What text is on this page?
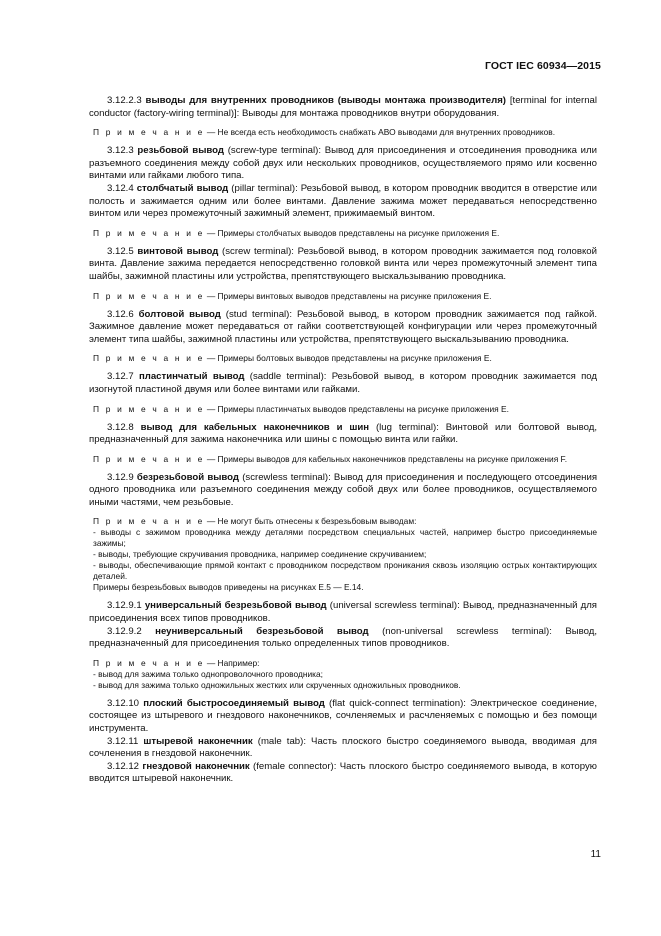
ГОСТ IEC 60934—2015

3.12.2.3 выводы для внутренних проводников (выводы монтажа производителя) [terminal for internal conductor (factory-wiring terminal)]: Выводы для монтажа проводников внутри оборудования.

П р и м е ч а н и е — Не всегда есть необходимость снабжать АВО выводами для внутренних проводников.

3.12.3 резьбовой вывод (screw-type terminal): Вывод для присоединения и отсоединения проводника или разъемного соединения между собой двух или нескольких проводников, осуществляемого прямо или косвенно винтами или гайками любого типа.

3.12.4 столбчатый вывод (pillar terminal): Резьбовой вывод, в котором проводник вводится в отверстие или полость и зажимается одним или более винтами. Давление зажима может передаваться непосредственно винтом или через промежуточный зажимный элемент, прижимаемый винтом.

П р и м е ч а н и е — Примеры столбчатых выводов представлены на рисунке приложения Е.

3.12.5 винтовой вывод (screw terminal): Резьбовой вывод, в котором проводник зажимается под головкой винта. Давление зажима передается непосредственно головкой винта или через промежуточный элемент типа шайбы, зажимной пластины или устройства, препятствующего выскальзыванию проводника.

П р и м е ч а н и е — Примеры винтовых выводов представлены на рисунке приложения Е.

3.12.6 болтовой вывод (stud terminal): Резьбовой вывод, в котором проводник зажимается под гайкой. Зажимное давление может передаваться от гайки соответствующей конфигурации или через промежуточный элемент типа шайбы, зажимной пластины или устройства, препятствующего выскальзыванию проводника.

П р и м е ч а н и е — Примеры болтовых выводов представлены на рисунке приложения Е.

3.12.7 пластинчатый вывод (saddle terminal): Резьбовой вывод, в котором проводник зажимается под изогнутой пластиной двумя или более винтами или гайками.

П р и м е ч а н и е — Примеры пластинчатых выводов представлены на рисунке приложения Е.

3.12.8 вывод для кабельных наконечников и шин (lug terminal): Винтовой или болтовой вывод, предназначенный для зажима наконечника или шины с помощью винта или гайки.

П р и м е ч а н и е — Примеры выводов для кабельных наконечников представлены на рисунке приложения F.

3.12.9 безрезьбовой вывод (screwless terminal): Вывод для присоединения и последующего отсоединения одного проводника или разъемного соединения между собой двух или более проводников, осуществляемого иными частями, чем резьбовые.

П р и м е ч а н и е — Не могут быть отнесены к безрезьбовым выводам:

- выводы с зажимом проводника между деталями посредством специальных частей, например быстро присоединяемые зажимы;

- выводы, требующие скручивания проводника, например соединение скручиванием;

- выводы, обеспечивающие прямой контакт с проводником посредством проникания сквозь изоляцию острых контактирующих деталей.

Примеры безрезьбовых выводов приведены на рисунках Е.5 — Е.14.

3.12.9.1 универсальный безрезьбовой вывод (universal screwless terminal): Вывод, предназначенный для присоединения всех типов проводников.

3.12.9.2 неуниверсальный безрезьбовой вывод (non-universal screwless terminal): Вывод, предназначенный для присоединения только определенных типов проводников.

П р и м е ч а н и е — Например:

- вывод для зажима только однопроволочного проводника;

- вывод для зажима только одножильных жестких или скрученных одножильных проводников.

3.12.10 плоский быстросоединяемый вывод (flat quick-connect termination): Электрическое соединение, состоящее из штыревого и гнездового наконечников, сочленяемых и расчленяемых с помощью и без помощи инструмента.

3.12.11 штыревой наконечник (male tab): Часть плоского быстро соединяемого вывода, вводимая для сочленения в гнездовой наконечник.

3.12.12 гнездовой наконечник (female connector): Часть плоского быстро соединяемого вывода, в которую вводится штыревой наконечник.

11
